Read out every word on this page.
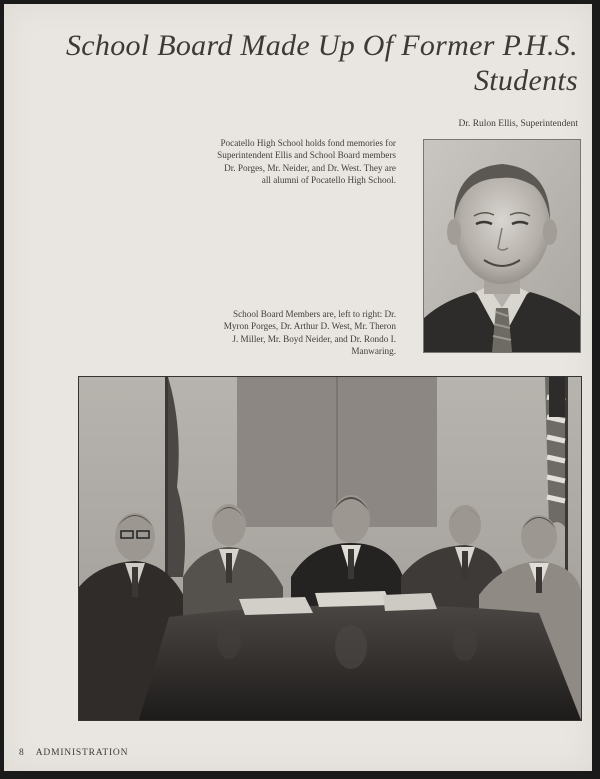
School Board Made Up Of Former P.H.S.
Students
Dr. Rulon Ellis, Superintendent

Pocatello High School holds fond memories for Superintendent Ellis and School Board members Dr. Porges, Mr. Neider, and Dr. West. They are all alumni of Pocatello High School.

School Board Members are, left to right: Dr. Myron Porges, Dr. Arthur D. West, Mr. Theron J. Miller, Mr. Boyd Neider, and Dr. Rondo I. Manwaring.

8 ADMINISTRATION
